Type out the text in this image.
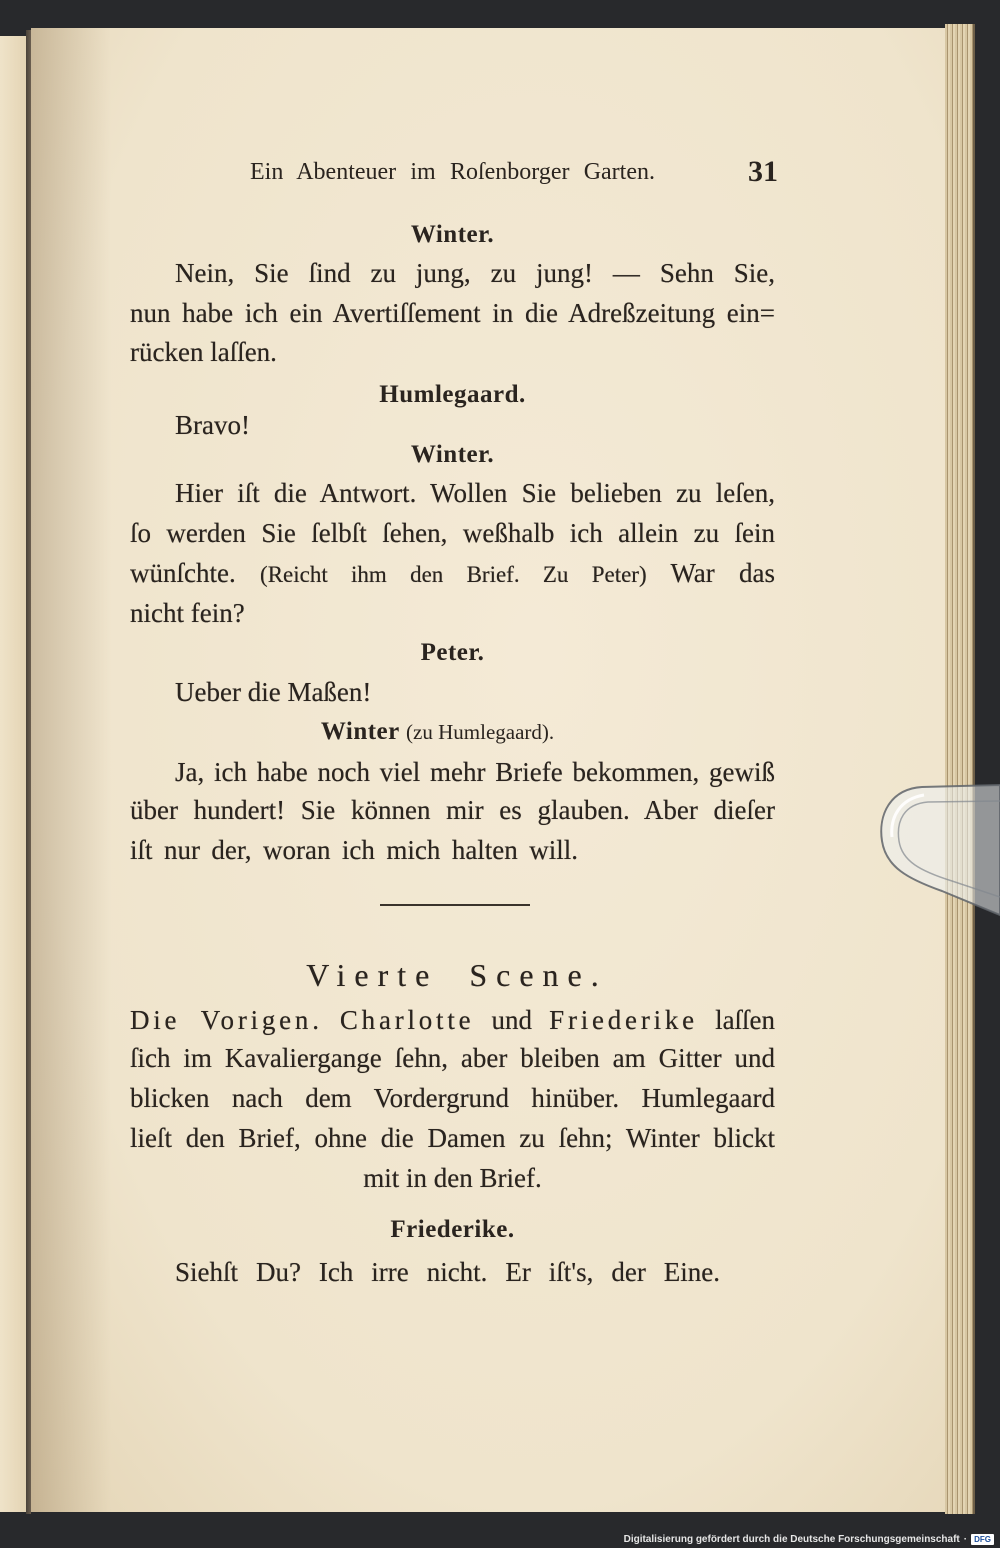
Ein Abenteuer im Roſenborger Garten.	31
Winter.
Nein, Sie ſind zu jung, zu jung! — Sehn Sie,
nun habe ich ein Avertiſſement in die Adreßzeitung ein=
rücken laſſen.
Humlegaard.
Bravo!
Winter.
Hier iſt die Antwort. Wollen Sie belieben zu leſen,
ſo werden Sie ſelbſt ſehen, weßhalb ich allein zu ſein
wünſchte. (Reicht ihm den Brief. Zu Peter) War das
nicht fein?
Peter.
Ueber die Maßen!
Winter (zu Humlegaard).
Ja, ich habe noch viel mehr Briefe bekommen, gewiß
über hundert! Sie können mir es glauben. Aber dieſer
iſt nur der, woran ich mich halten will.
Vierte Scene.
Die Vorigen. Charlotte und Friederike laſſen
ſich im Kavaliergange ſehn, aber bleiben am Gitter und
blicken nach dem Vordergrund hinüber. Humlegaard
lieſt den Brief, ohne die Damen zu ſehn; Winter blickt
mit in den Brief.
Friederike.
Siehſt Du? Ich irre nicht. Er iſt's, der Eine.
Digitalisierung gefördert durch die Deutsche Forschungsgemeinschaft · DFG
